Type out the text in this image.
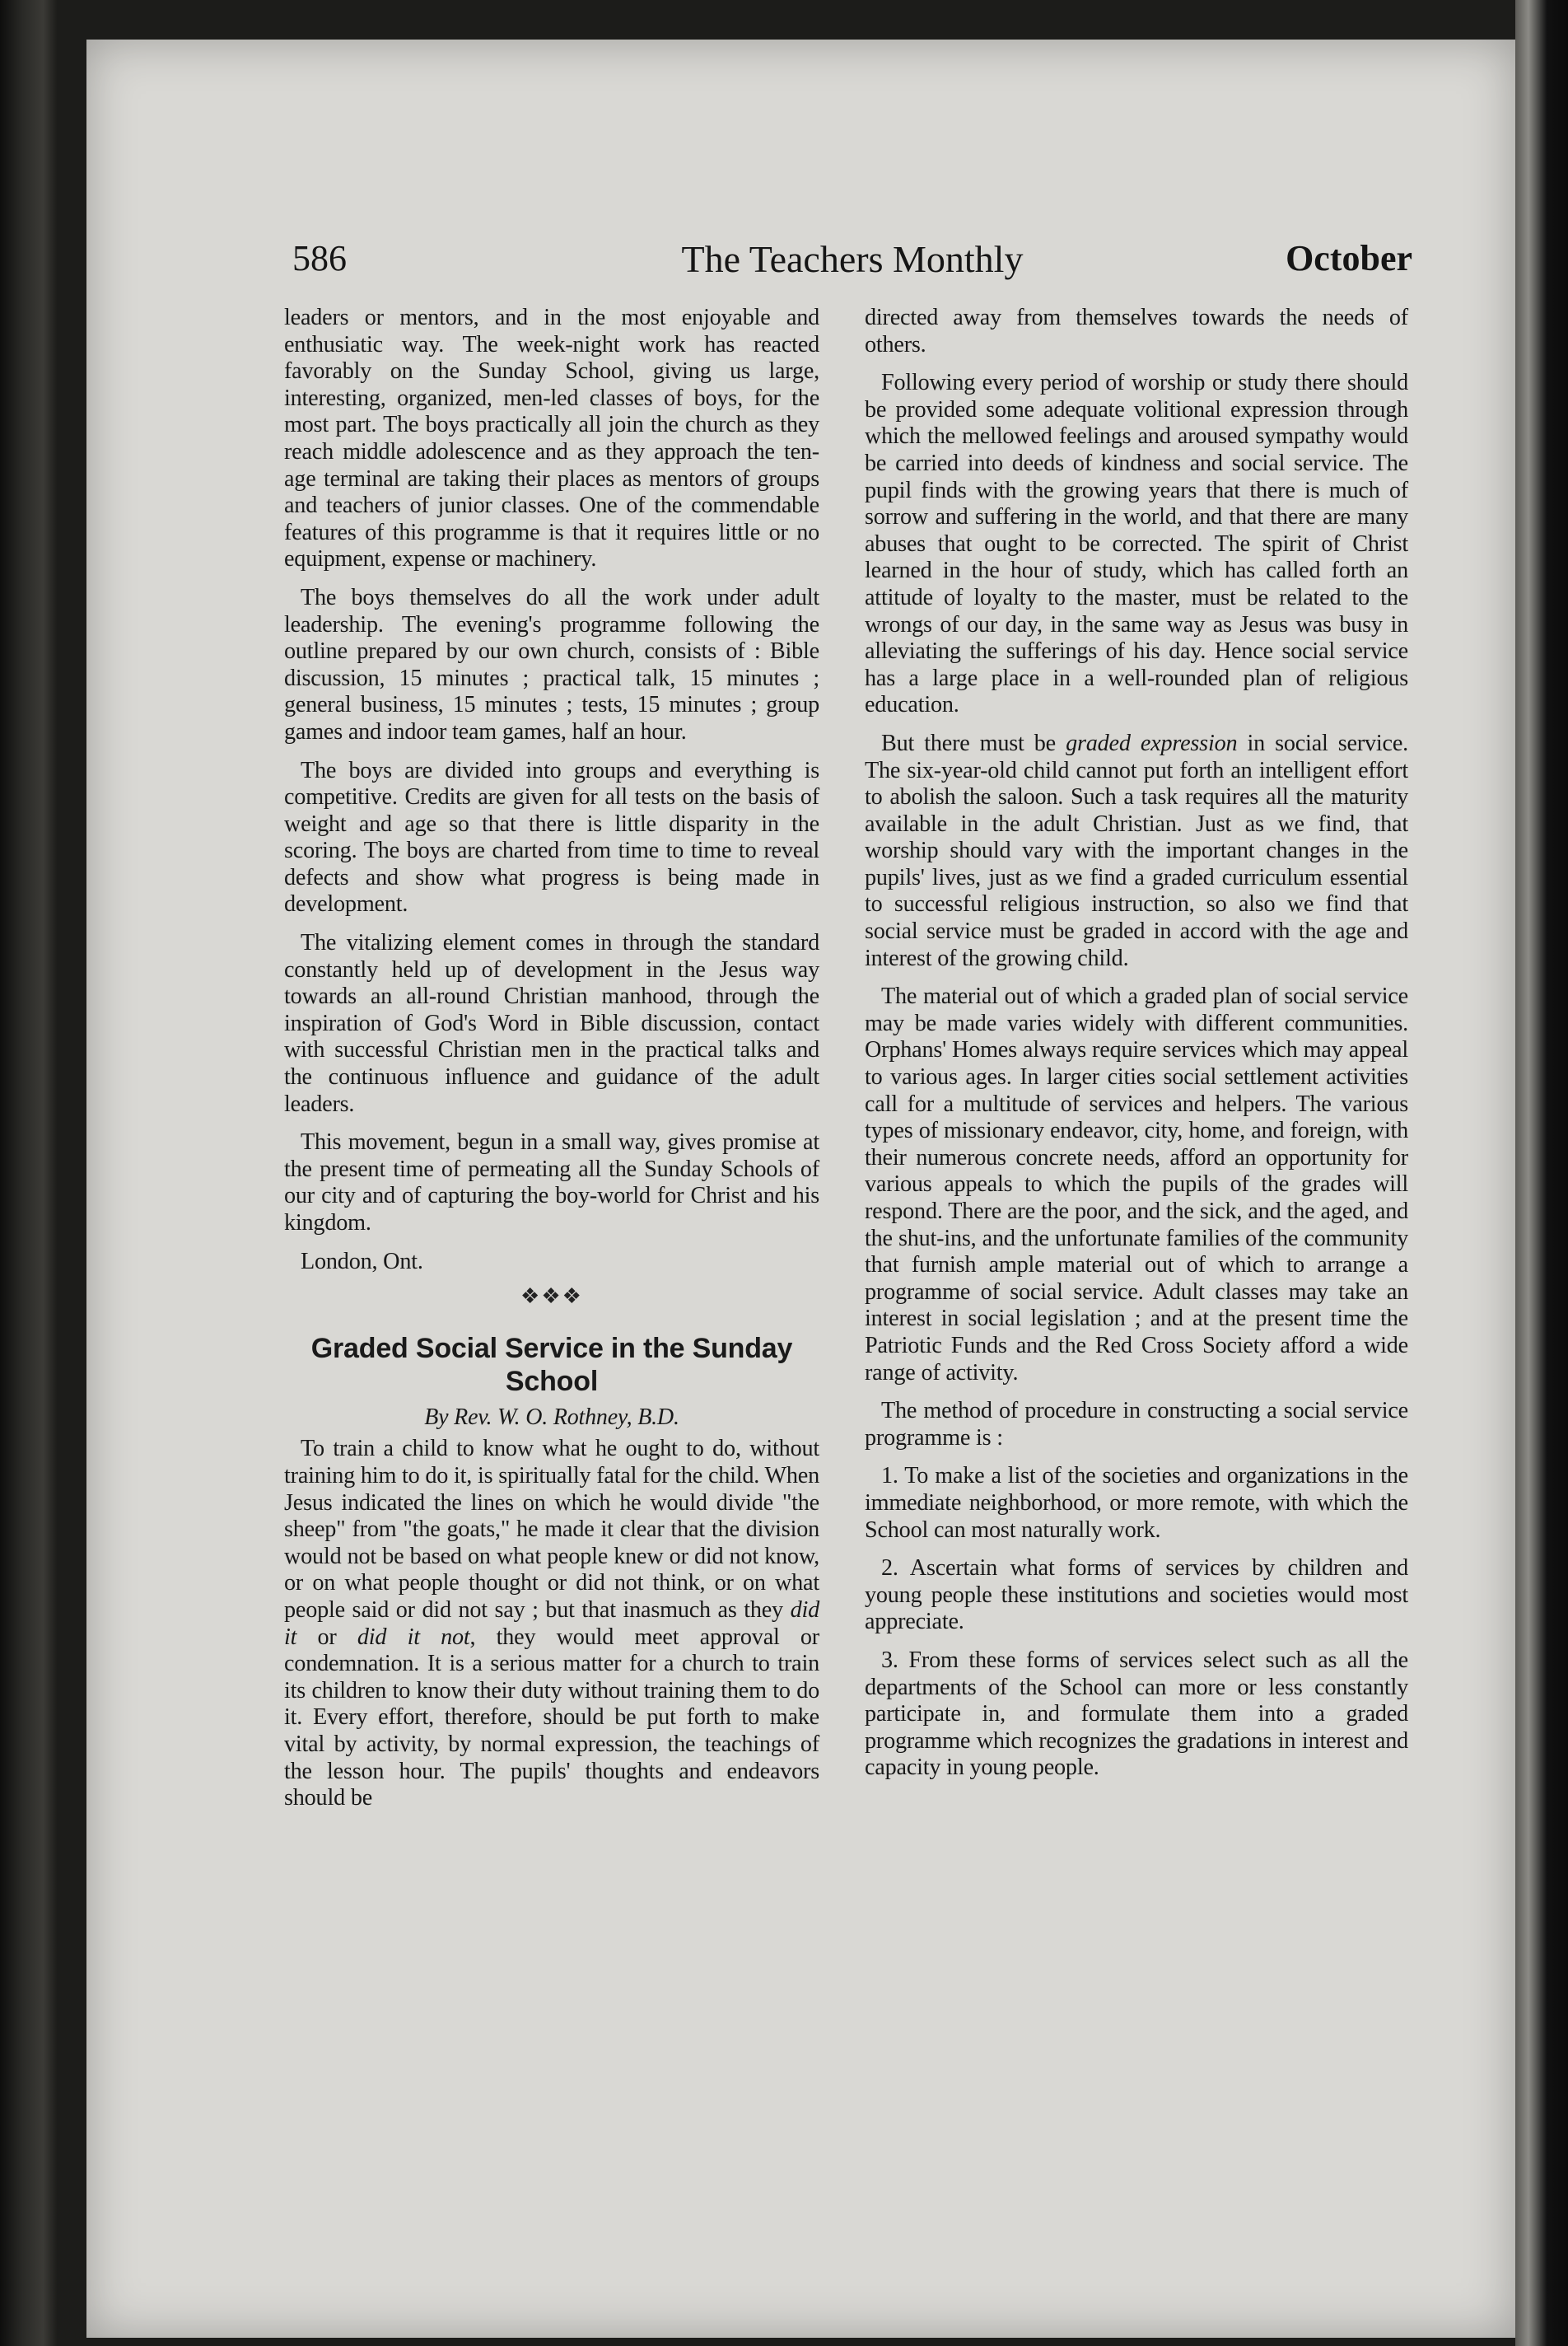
586	The Teachers Monthly	October

leaders or mentors, and in the most enjoyable and enthusiatic way. The week-night work has reacted favorably on the Sunday School, giving us large, interesting, organized, men-led classes of boys, for the most part. The boys practically all join the church as they reach middle adolescence and as they approach the ten-age terminal are taking their places as mentors of groups and teachers of junior classes. One of the commendable features of this programme is that it requires little or no equipment, expense or machinery.

The boys themselves do all the work under adult leadership. The evening's programme following the outline prepared by our own church, consists of : Bible discussion, 15 minutes ; practical talk, 15 minutes ; general business, 15 minutes ; tests, 15 minutes ; group games and indoor team games, half an hour.

The boys are divided into groups and everything is competitive. Credits are given for all tests on the basis of weight and age so that there is little disparity in the scoring. The boys are charted from time to time to reveal defects and show what progress is being made in development.

The vitalizing element comes in through the standard constantly held up of development in the Jesus way towards an all-round Christian manhood, through the inspiration of God's Word in Bible discussion, contact with successful Christian men in the practical talks and the continuous influence and guidance of the adult leaders.

This movement, begun in a small way, gives promise at the present time of permeating all the Sunday Schools of our city and of capturing the boy-world for Christ and his kingdom.

London, Ont.
❖❖❖
Graded Social Service in the Sunday School
By Rev. W. O. Rothney, B.D.

To train a child to know what he ought to do, without training him to do it, is spiritually fatal for the child. When Jesus indicated the lines on which he would divide "the sheep" from "the goats," he made it clear that the division would not be based on what people knew or did not know, or on what people thought or did not think, or on what people said or did not say ; but that inasmuch as they did it or did it not, they would meet approval or condemnation. It is a serious matter for a church to train its children to know their duty without training them to do it. Every effort, therefore, should be put forth to make vital by activity, by normal expression, the teachings of the lesson hour. The pupils' thoughts and endeavors should be

directed away from themselves towards the needs of others.

Following every period of worship or study there should be provided some adequate volitional expression through which the mellowed feelings and aroused sympathy would be carried into deeds of kindness and social service. The pupil finds with the growing years that there is much of sorrow and suffering in the world, and that there are many abuses that ought to be corrected. The spirit of Christ learned in the hour of study, which has called forth an attitude of loyalty to the master, must be related to the wrongs of our day, in the same way as Jesus was busy in alleviating the sufferings of his day. Hence social service has a large place in a well-rounded plan of religious education.

But there must be graded expression in social service. The six-year-old child cannot put forth an intelligent effort to abolish the saloon. Such a task requires all the maturity available in the adult Christian. Just as we find, that worship should vary with the important changes in the pupils' lives, just as we find a graded curriculum essential to successful religious instruction, so also we find that social service must be graded in accord with the age and interest of the growing child.

The material out of which a graded plan of social service may be made varies widely with different communities. Orphans' Homes always require services which may appeal to various ages. In larger cities social settlement activities call for a multitude of services and helpers. The various types of missionary endeavor, city, home, and foreign, with their numerous concrete needs, afford an opportunity for various appeals to which the pupils of the grades will respond. There are the poor, and the sick, and the aged, and the shut-ins, and the unfortunate families of the community that furnish ample material out of which to arrange a programme of social service. Adult classes may take an interest in social legislation ; and at the present time the Patriotic Funds and the Red Cross Society afford a wide range of activity.

The method of procedure in constructing a social service programme is :

1. To make a list of the societies and organizations in the immediate neighborhood, or more remote, with which the School can most naturally work.

2. Ascertain what forms of services by children and young people these institutions and societies would most appreciate.

3. From these forms of services select such as all the departments of the School can more or less constantly participate in, and formulate them into a graded programme which recognizes the gradations in interest and capacity in young people.
